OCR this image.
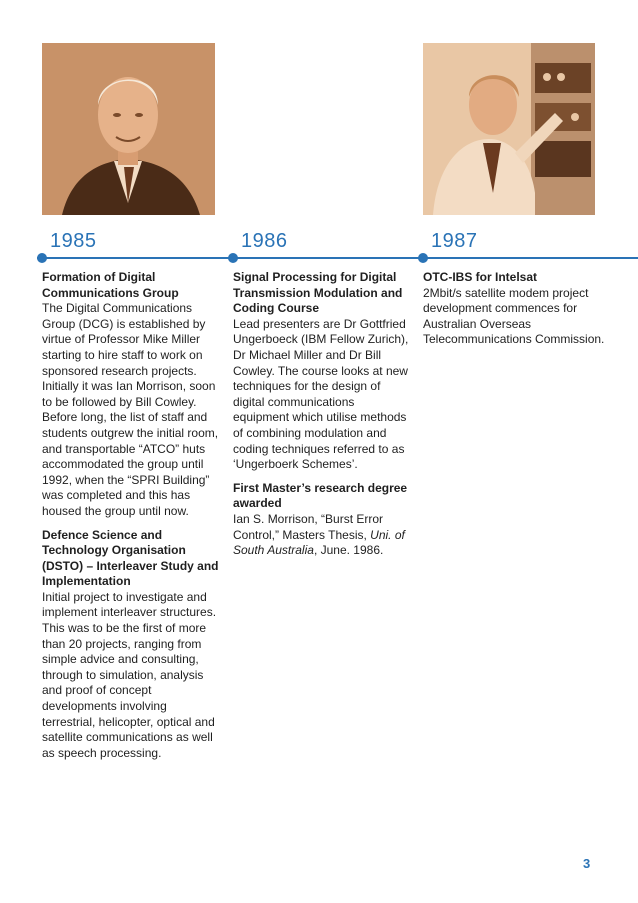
1985	1986	1987

Formation of Digital Communications Group

The Digital Communications Group (DCG) is established by virtue of Professor Mike Miller starting to hire staff to work on sponsored research projects. Initially it was Ian Morrison, soon to be followed by Bill Cowley. Before long, the list of staff and students outgrew the initial room, and transportable “ATCO” huts accommodated the group until 1992, when the “SPRI Building” was completed and this has housed the group until now.

Defence Science and Technology Organisation (DSTO) – Interleaver Study and Implementation

Initial project to investigate and implement interleaver structures. This was to be the first of more than 20 projects, ranging from simple advice and consulting, through to simulation, analysis and proof of concept developments involving terrestrial, helicopter, optical and satellite communications as well as speech processing.

Signal Processing for Digital Transmission Modulation and Coding Course

Lead presenters are Dr Gottfried Ungerboeck (IBM Fellow Zurich), Dr Michael Miller and Dr Bill Cowley. The course looks at new techniques for the design of digital communications equipment which utilise methods of combining modulation and coding techniques referred to as ‘Ungerboerk Schemes’.

First Master’s research degree awarded

Ian S. Morrison, “Burst Error Control,” Masters Thesis, Uni. of South Australia, June. 1986.

OTC-IBS for Intelsat

2Mbit/s satellite modem project development commences for Australian Overseas Telecommunications Commission.

3
